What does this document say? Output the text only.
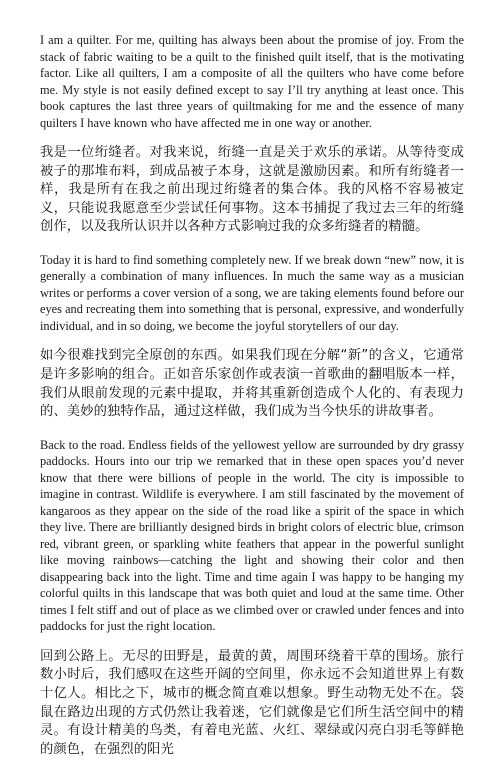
I am a quilter. For me, quilting has always been about the promise of joy. From the stack of fabric waiting to be a quilt to the finished quilt itself, that is the motivating factor. Like all quilters, I am a composite of all the quilters who have come before me. My style is not easily defined except to say I’ll try anything at least once. This book captures the last three years of quiltmaking for me and the essence of many quilters I have known who have affected me in one way or another.

我是一位绗缝者。对我来说，绗缝一直是关于欢乐的承诺。从等待变成被子的那堆布料，到成品被子本身，这就是激励因素。和所有绗缝者一样，我是所有在我之前出现过绗缝者的集合体。我的风格不容易被定义，只能说我愿意至少尝试任何事物。这本书捕捉了我过去三年的绗缝创作，以及我所认识并以各种方式影响过我的众多绗缝者的精髓。

Today it is hard to find something completely new. If we break down “new” now, it is generally a combination of many influences. In much the same way as a musician writes or performs a cover version of a song, we are taking elements found before our eyes and recreating them into something that is personal, expressive, and wonderfully individual, and in so doing, we become the joyful storytellers of our day.

如今很难找到完全原创的东西。如果我们现在分解“新”的含义，它通常是许多影响的组合。正如音乐家创作或表演一首歌曲的翻唱版本一样，我们从眼前发现的元素中提取，并将其重新创造成个人化的、有表现力的、美妙的独特作品，通过这样做，我们成为当今快乐的讲故事者。

Back to the road. Endless fields of the yellowest yellow are surrounded by dry grassy paddocks. Hours into our trip we remarked that in these open spaces you’d never know that there were billions of people in the world. The city is impossible to imagine in contrast. Wildlife is everywhere. I am still fascinated by the movement of kangaroos as they appear on the side of the road like a spirit of the space in which they live. There are brilliantly designed birds in bright colors of electric blue, crimson red, vibrant green, or sparkling white feathers that appear in the powerful sunlight like moving rainbows—catching the light and showing their color and then disappearing back into the light. Time and time again I was happy to be hanging my colorful quilts in this landscape that was both quiet and loud at the same time. Other times I felt stiff and out of place as we climbed over or crawled under fences and into paddocks for just the right location.

回到公路上。无尽的田野是，最黄的黄，周围环绕着干草的围场。旅行数小时后，我们感叹在这些开阔的空间里，你永远不会知道世界上有数十亿人。相比之下，城市的概念简直难以想象。野生动物无处不在。袋鼠在路边出现的方式仍然让我着迷，它们就像是它们所生活空间中的精灵。有设计精美的鸟类，有着电光蓝、火红、翠绿或闪亮白羽毛等鲜艳的颜色，在强烈的阳光
